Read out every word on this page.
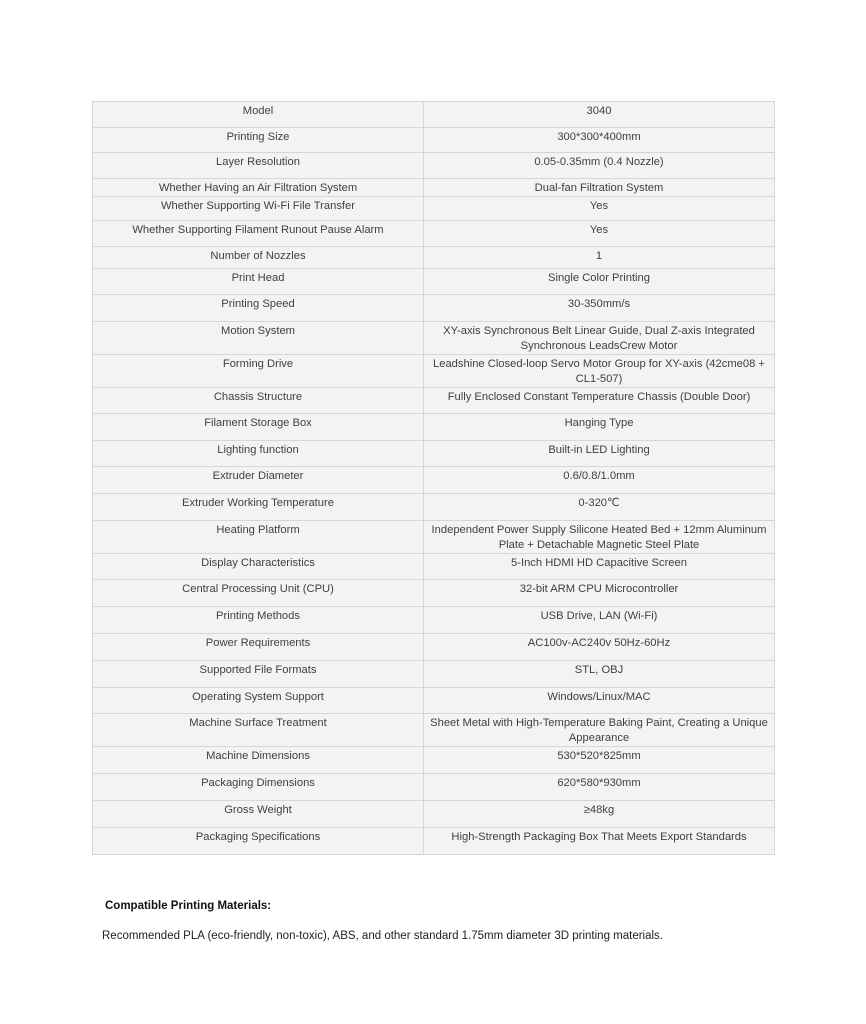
Model	3040
Printing Size	300*300*400mm
Layer Resolution	0.05-0.35mm (0.4 Nozzle)
Whether Having an Air Filtration System	Dual-fan Filtration System
Whether Supporting Wi-Fi File Transfer	Yes
Whether Supporting Filament Runout Pause Alarm	Yes
Number of Nozzles	1
Print Head	Single Color Printing
Printing Speed	30-350mm/s
Motion System	XY-axis Synchronous Belt Linear Guide, Dual Z-axis Integrated Synchronous LeadsCrew Motor
Forming Drive	Leadshine Closed-loop Servo Motor Group for XY-axis (42cme08 + CL1-507)
Chassis Structure	Fully Enclosed Constant Temperature Chassis (Double Door)
Filament Storage Box	Hanging Type
Lighting function	Built-in LED Lighting
Extruder Diameter	0.6/0.8/1.0mm
Extruder Working Temperature	0-320℃
Heating Platform	Independent Power Supply Silicone Heated Bed + 12mm Aluminum Plate + Detachable Magnetic Steel Plate
Display Characteristics	5-Inch HDMI HD Capacitive Screen
Central Processing Unit (CPU)	32-bit ARM CPU Microcontroller
Printing Methods	USB Drive, LAN (Wi-Fi)
Power Requirements	AC100v-AC240v 50Hz-60Hz
Supported File Formats	STL, OBJ
Operating System Support	Windows/Linux/MAC
Machine Surface Treatment	Sheet Metal with High-Temperature Baking Paint, Creating a Unique Appearance
Machine Dimensions	530*520*825mm
Packaging Dimensions	620*580*930mm
Gross Weight	≥48kg
Packaging Specifications	High-Strength Packaging Box That Meets Export Standards
Compatible Printing Materials:
Recommended PLA (eco-friendly, non-toxic), ABS, and other standard 1.75mm diameter 3D printing materials.
